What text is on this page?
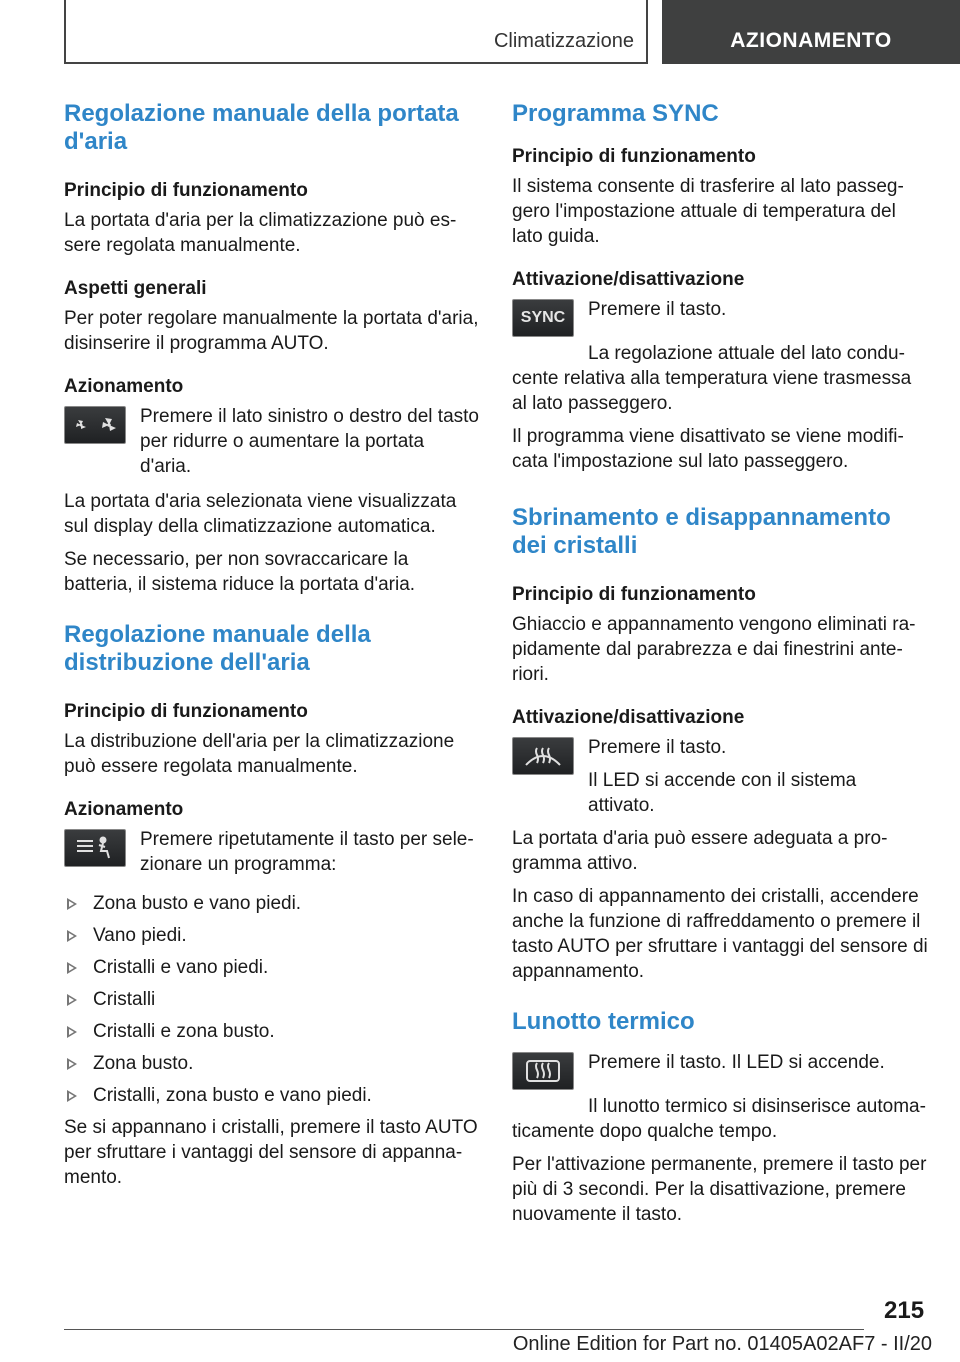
Climatizzazione	AZIONAMENTO
Regolazione manuale della portata d'aria
Principio di funzionamento

La portata d'aria per la climatizzazione può es-sere regolata manualmente.

Aspetti generali

Per poter regolare manualmente la portata d'aria, disinserire il programma AUTO.

Azionamento

Premere il lato sinistro o destro del tasto per ridurre o aumentare la portata d'aria.

La portata d'aria selezionata viene visualizzata sul display della climatizzazione automatica.

Se necessario, per non sovraccaricare la batteria, il sistema riduce la portata d'aria.

Regolazione manuale della distribuzione dell'aria
Principio di funzionamento

La distribuzione dell'aria per la climatizzazione può essere regolata manualmente.

Azionamento

Premere ripetutamente il tasto per sele-zionare un programma:

Zona busto e vano piedi.
Vano piedi.
Cristalli e vano piedi.
Cristalli
Cristalli e zona busto.
Zona busto.
Cristalli, zona busto e vano piedi.

Se si appannano i cristalli, premere il tasto AUTO per sfruttare i vantaggi del sensore di appanna-mento.

Programma SYNC
Principio di funzionamento

Il sistema consente di trasferire al lato passeg-gero l'impostazione attuale di temperatura del lato guida.

Attivazione/disattivazione
SYNC Premere il tasto.

La regolazione attuale del lato condu-cente relativa alla temperatura viene trasmessa al lato passeggero.

Il programma viene disattivato se viene modifi-cata l'impostazione sul lato passeggero.

Sbrinamento e disappannamento dei cristalli
Principio di funzionamento

Ghiaccio e appannamento vengono eliminati ra-pidamente dal parabrezza e dai finestrini ante-riori.

Attivazione/disattivazione

Premere il tasto.

Il LED si accende con il sistema attivato.

La portata d'aria può essere adeguata a pro-gramma attivo.

In caso di appannamento dei cristalli, accendere anche la funzione di raffreddamento o premere il tasto AUTO per sfruttare i vantaggi del sensore di appannamento.

Lunotto termico

Premere il tasto. Il LED si accende.

Il lunotto termico si disinserisce automa-ticamente dopo qualche tempo.

Per l'attivazione permanente, premere il tasto per più di 3 secondi. Per la disattivazione, premere nuovamente il tasto.

215
Online Edition for Part no. 01405A02AF7 - II/20
